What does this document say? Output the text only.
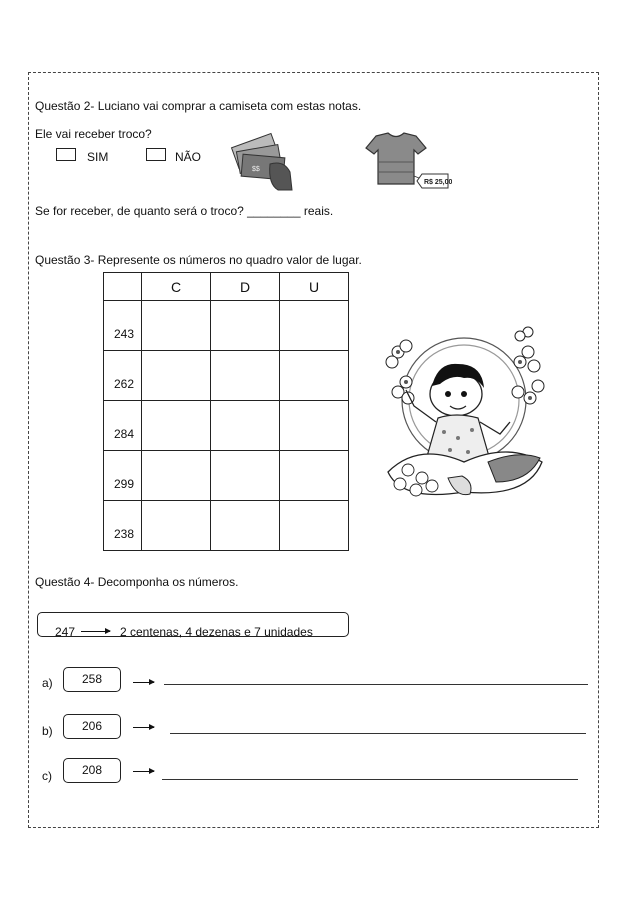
Questão 2- Luciano vai comprar a camiseta com estas notas.
Ele vai receber troco?
SIM	NÃO
$$
R$ 25,00
Se for receber, de quanto será o troco? ________ reais.
Questão 3- Represente os números no quadro valor de lugar.
	C	D	U
243			
262			
284			
299			
238			
Questão 4- Decomponha os números.
247	2 centenas, 4 dezenas e 7 unidades
a)	258
b)	206
c)	208
